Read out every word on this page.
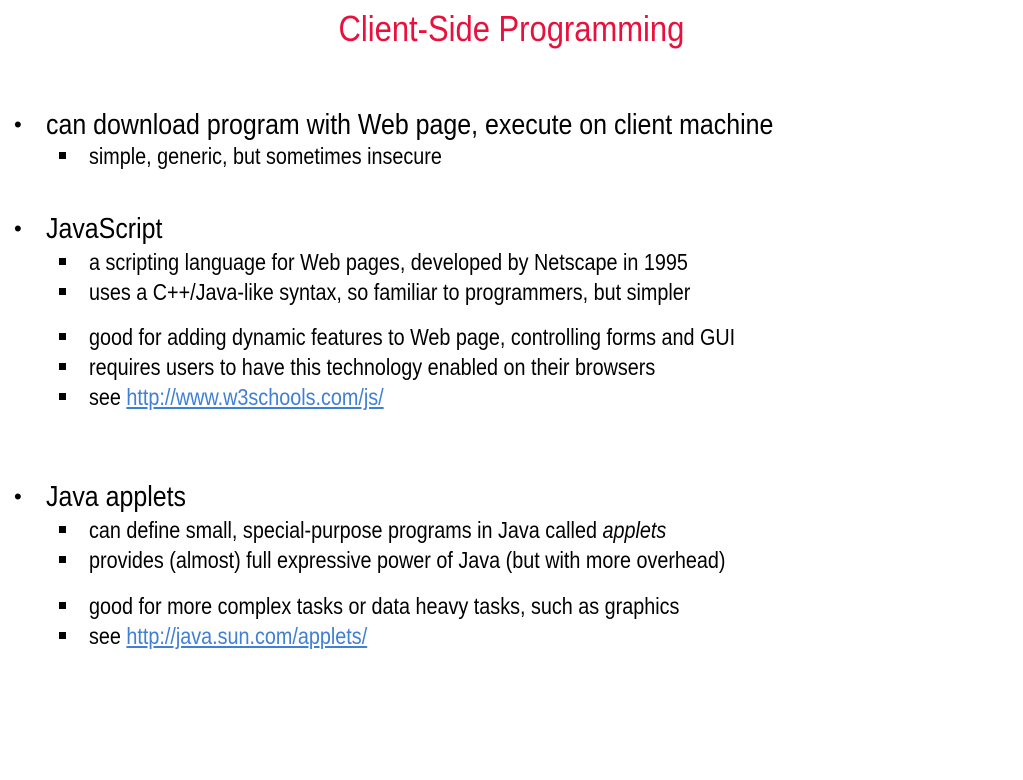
Client-Side Programming
• can download program with Web page, execute on client machine
simple, generic, but sometimes insecure
• JavaScript
a scripting language for Web pages, developed by Netscape in 1995
uses a C++/Java-like syntax, so familiar to programmers, but simpler
good for adding dynamic features to Web page, controlling forms and GUI
requires users to have this technology enabled on their browsers
see http://www.w3schools.com/js/
• Java applets
can define small, special-purpose programs in Java called applets
provides (almost) full expressive power of Java (but with more overhead)
good for more complex tasks or data heavy tasks, such as graphics
see http://java.sun.com/applets/
